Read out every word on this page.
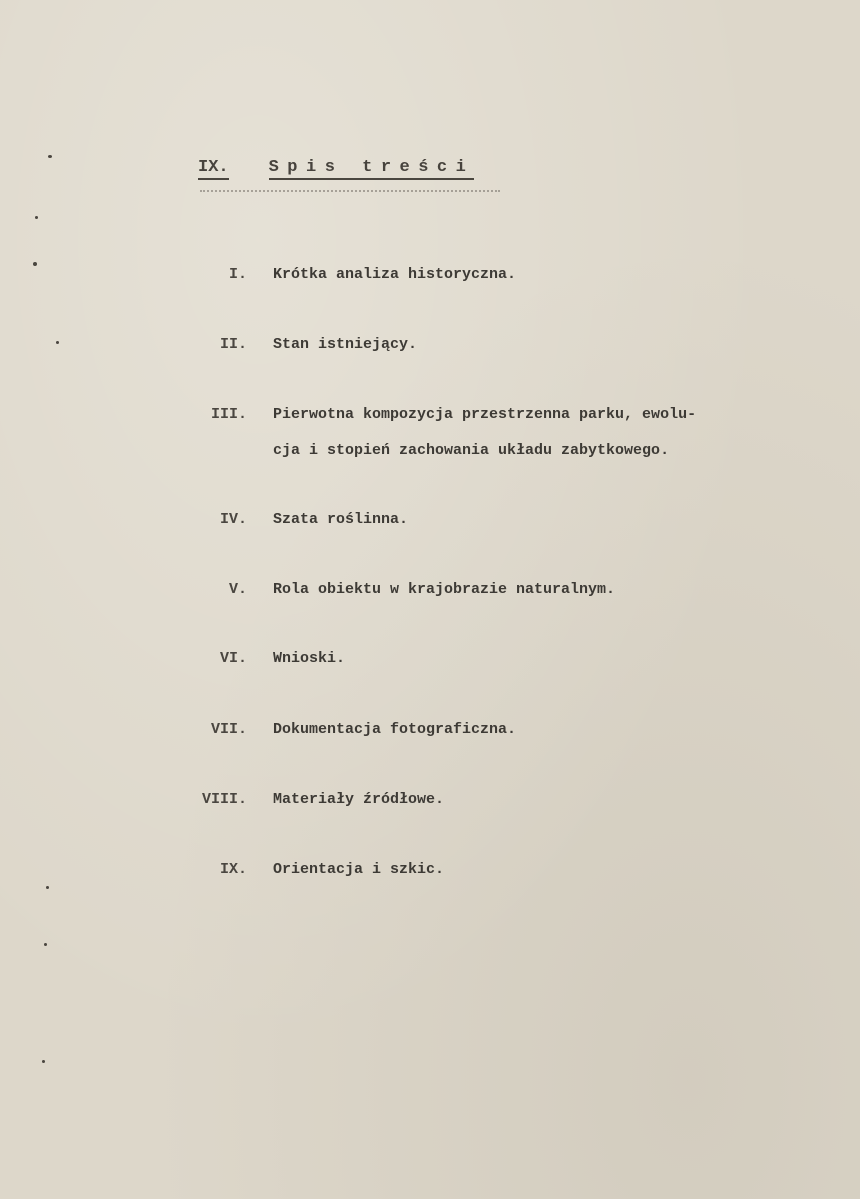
IX. Spis treści
I. Krótka analiza historyczna.
II. Stan istniejący.
III. Pierwotna kompozycja przestrzenna parku, ewolu-
cja i stopień zachowania układu zabytkowego.
IV. Szata roślinna.
V. Rola obiektu w krajobrazie naturalnym.
VI. Wnioski.
VII. Dokumentacja fotograficzna.
VIII. Materiały źródłowe.
IX. Orientacja i szkic.
